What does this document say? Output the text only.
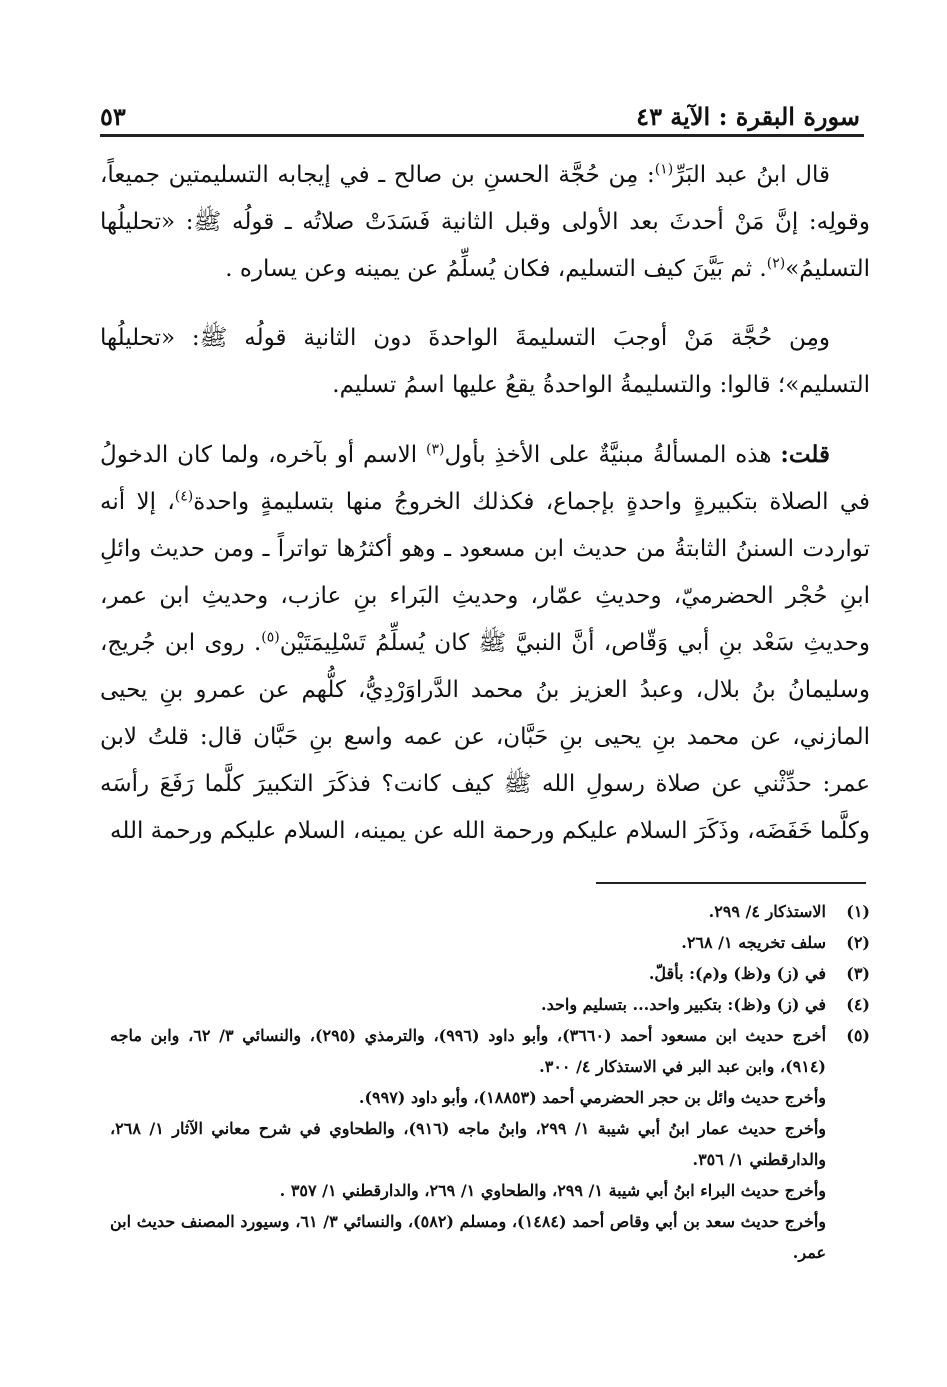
سورة البقرة : الآية ٤٣
٥٣

قال ابنُ عبد البَرِّ$^{(١)}$: مِن حُجَّة الحسنِ بن صالح ـ في إيجابه التسليمتين جميعاً، وقولِه: إنَّ مَنْ أحدثَ بعد الأولى وقبل الثانية فَسَدَتْ صلاتُه ـ قولُه ﷺ: «تحليلُها التسليمُ»$^{(٢)}$. ثم بَيَّنَ كيف التسليم، فكان يُسلِّمُ عن يمينه وعن يساره .

ومِن حُجَّة مَنْ أوجبَ التسليمةَ الواحدةَ دون الثانية قولُه ﷺ: «تحليلُها التسليم»؛ قالوا: والتسليمةُ الواحدةُ يقعُ عليها اسمُ تسليم.

قلت: هذه المسألةُ مبنيَّةٌ على الأخذِ بأول$^{(٣)}$ الاسم أو بآخره، ولما كان الدخولُ في الصلاة بتكبيرةٍ واحدةٍ بإجماع، فكذلك الخروجُ منها بتسليمةٍ واحدة$^{(٤)}$، إلا أنه تواردت السننُ الثابتةُ من حديث ابن مسعود ـ وهو أكثرُها تواتراً ـ ومن حديث وائلِ ابنِ حُجْر الحضرميّ، وحديثِ عمّار، وحديثِ البَراء بنِ عازب، وحديثِ ابن عمر، وحديثِ سَعْد بنِ أبي وَقّاص، أنَّ النبيَّ ﷺ كان يُسلِّمُ تَسْلِيمَتَيْن$^{(٥)}$. روى ابن جُريج، وسليمانُ بنُ بلال، وعبدُ العزيز بنُ محمد الدَّراوَرْدِيُّ، كلُّهم عن عمرو بنِ يحيى المازني، عن محمد بنِ يحيى بنِ حَبَّان، عن عمه واسع بنِ حَبَّان قال: قلتُ لابن عمر: حدِّثْني عن صلاة رسولِ الله ﷺ كيف كانت؟ فذكَرَ التكبيرَ كلَّما رَفَعَ رأسَه وكلَّما خَفَضَه، وذَكَرَ السلام عليكم ورحمة الله عن يمينه، السلام عليكم ورحمة الله

(١)
الاستذكار ٤/ ٢٩٩.
(٢)
سلف تخريجه ١/ ٢٦٨.
(٣)
في (ز) و(ظ) و(م): بأقلّ.
(٤)
في (ز) و(ظ): بتكبير واحد... بتسليم واحد.
(٥)
أخرج حديث ابن مسعود أحمد (٣٦٦٠)، وأبو داود (٩٩٦)، والترمذي (٢٩٥)، والنسائي ٣/ ٦٢، وابن ماجه (٩١٤)، وابن عبد البر في الاستذكار ٤/ ٣٠٠.
وأخرج حديث وائل بن حجر الحضرمي أحمد (١٨٨٥٣)، وأبو داود (٩٩٧).
وأخرج حديث عمار ابنُ أبي شيبة ١/ ٢٩٩، وابنُ ماجه (٩١٦)، والطحاوي في شرح معاني الآثار ١/ ٢٦٨، والدارقطني ١/ ٣٥٦.
وأخرج حديث البراء ابنُ أبي شيبة ١/ ٢٩٩، والطحاوي ١/ ٢٦٩، والدارقطني ١/ ٣٥٧ .
وأخرج حديث سعد بن أبي وقاص أحمد (١٤٨٤)، ومسلم (٥٨٢)، والنسائي ٣/ ٦١، وسيورد المصنف حديث ابن عمر.
